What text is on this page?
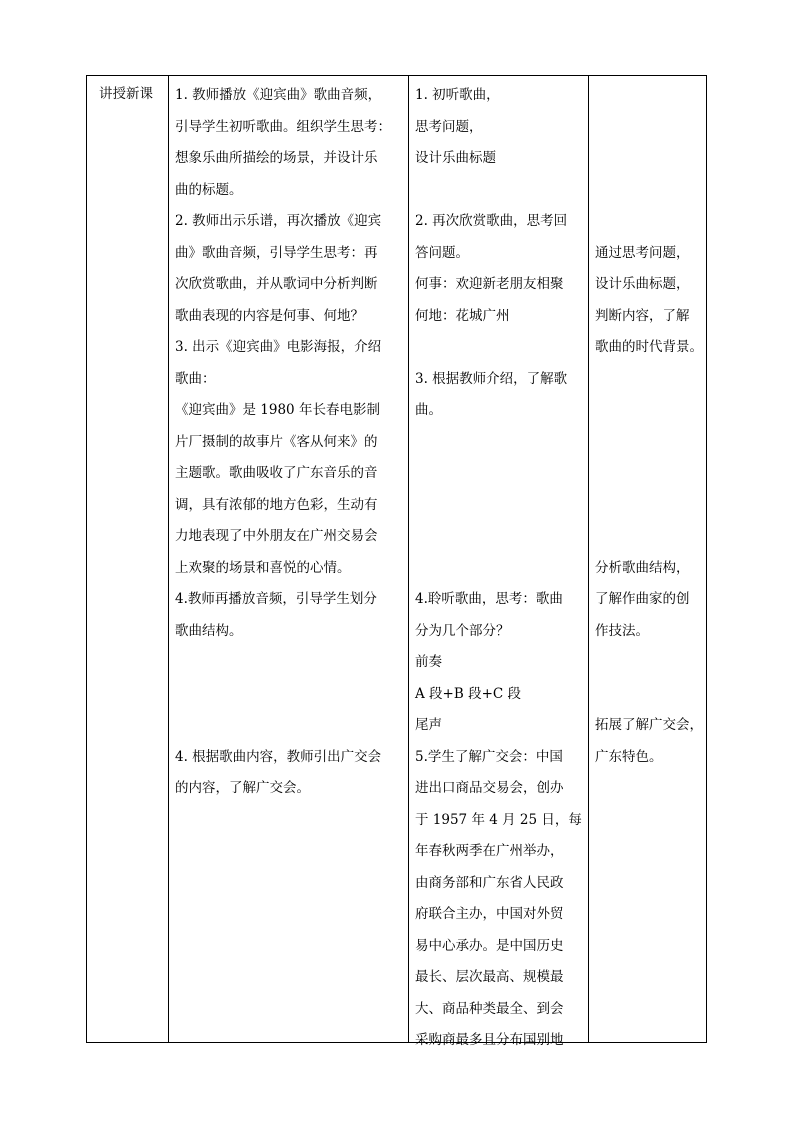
讲授新课 1. 教师播放《迎宾曲》歌曲音频，
引导学生初听歌曲。组织学生思考：
想象乐曲所描绘的场景，并设计乐
曲的标题。
2. 教师出示乐谱，再次播放《迎宾
曲》歌曲音频，引导学生思考：再
次欣赏歌曲，并从歌词中分析判断
歌曲表现的内容是何事、何地？
3. 出示《迎宾曲》电影海报，介绍
歌曲：
《迎宾曲》是 1980 年长春电影制
片厂摄制的故事片《客从何来》的
主题歌。歌曲吸收了广东音乐的音
调，具有浓郁的地方色彩，生动有
力地表现了中外朋友在广州交易会
上欢聚的场景和喜悦的心情。
4.教师再播放音频，引导学生划分
歌曲结构。
4. 根据歌曲内容，教师引出广交会
的内容，了解广交会。
1. 初听歌曲，
思考问题，
设计乐曲标题
2. 再次欣赏歌曲，思考回
答问题。
何事：欢迎新老朋友相聚
何地：花城广州
3. 根据教师介绍，了解歌
曲。
4.聆听歌曲，思考：歌曲
分为几个部分？
前奏
A 段+B 段+C 段
尾声
5.学生了解广交会：中国
进出口商品交易会，创办
于 1957 年 4 月 25 日，每
年春秋两季在广州举办，
由商务部和广东省人民政
府联合主办，中国对外贸
易中心承办。是中国历史
最长、层次最高、规模最
大、商品种类最全、到会
采购商最多且分布国别地
通过思考问题，
设计乐曲标题，
判断内容，了解
歌曲的时代背景。
分析歌曲结构，
了解作曲家的创
作技法。
拓展了解广交会，
广东特色。
